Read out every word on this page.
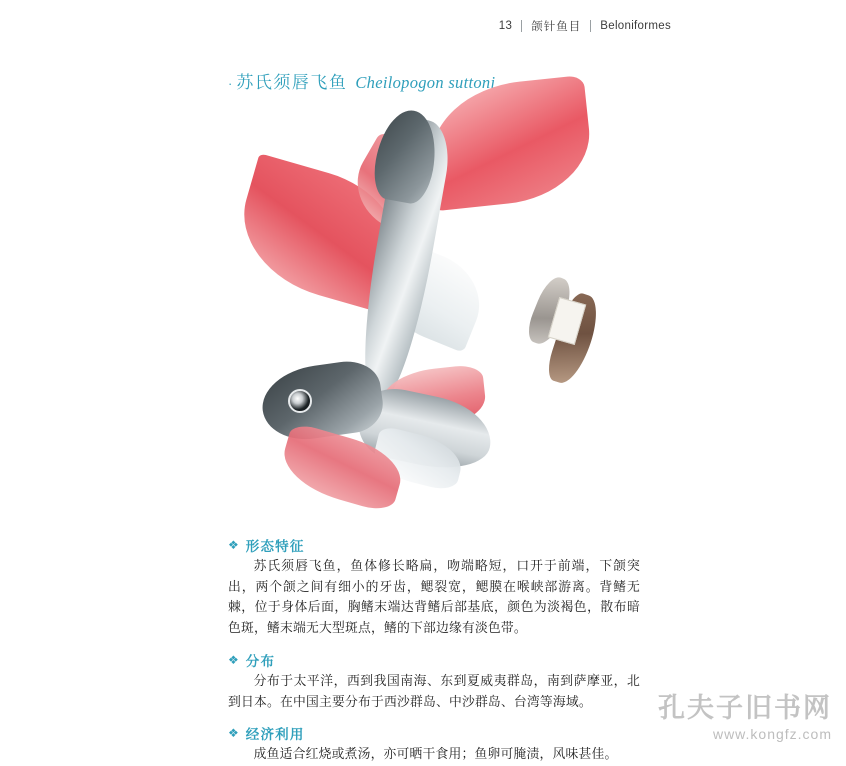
13 颌针鱼目 Beloniformes
· 苏氏须唇飞鱼 Cheilopogon suttoni
❖ 形态特征

苏氏须唇飞鱼，鱼体修长略扁，吻端略短，口开于前端，下颌突出，两个颌之间有细小的牙齿，鳃裂宽，鳃膜在喉峡部游离。背鳍无棘，位于身体后面，胸鳍末端达背鳍后部基底，颜色为淡褐色，散布暗色斑，鳍末端无大型斑点，鳍的下部边缘有淡色带。

❖ 分布

分布于太平洋，西到我国南海、东到夏威夷群岛，南到萨摩亚，北到日本。在中国主要分布于西沙群岛、中沙群岛、台湾等海域。

❖ 经济利用

成鱼适合红烧或煮汤，亦可晒干食用；鱼卵可腌渍，风味甚佳。

孔夫子旧书网
www.kongfz.com
